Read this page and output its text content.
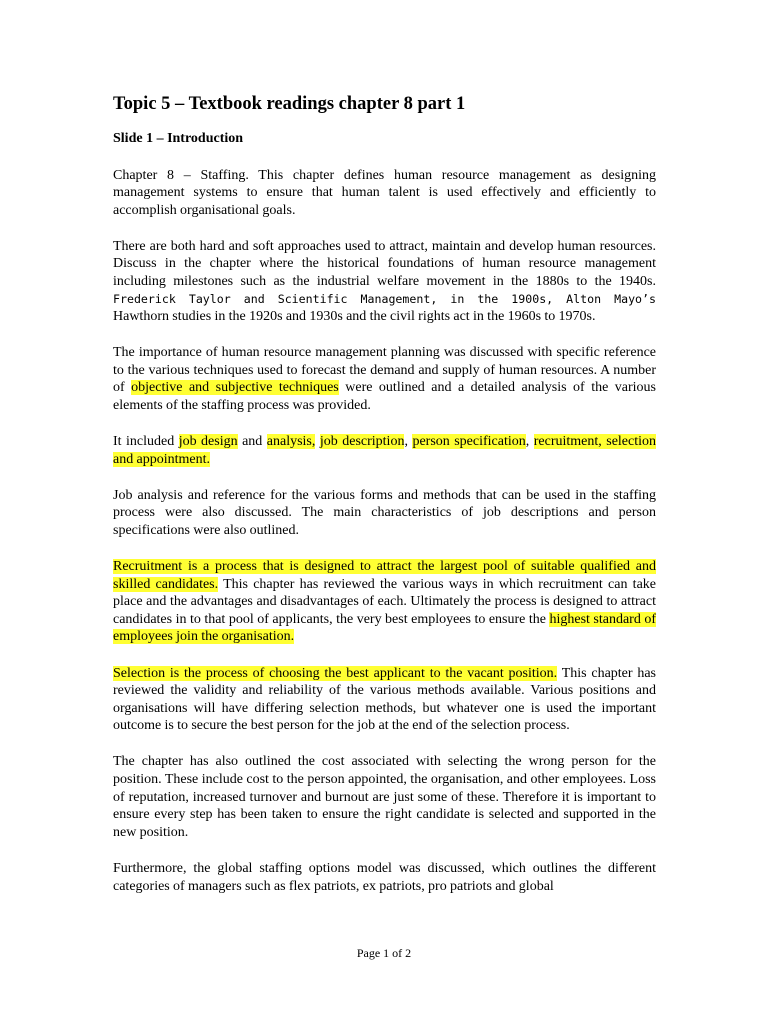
Topic 5 – Textbook readings chapter 8 part 1
Slide 1 – Introduction

Chapter 8 – Staffing. This chapter defines human resource management as designing management systems to ensure that human talent is used effectively and efficiently to accomplish organisational goals.

There are both hard and soft approaches used to attract, maintain and develop human resources. Discuss in the chapter where the historical foundations of human resource management including milestones such as the industrial welfare movement in the 1880s to the 1940s. Frederick Taylor and Scientific Management, in the 1900s, Alton Mayo’s Hawthorn studies in the 1920s and 1930s and the civil rights act in the 1960s to 1970s.

The importance of human resource management planning was discussed with specific reference to the various techniques used to forecast the demand and supply of human resources. A number of objective and subjective techniques were outlined and a detailed analysis of the various elements of the staffing process was provided.

It included job design and analysis, job description, person specification, recruitment, selection and appointment.

Job analysis and reference for the various forms and methods that can be used in the staffing process were also discussed. The main characteristics of job descriptions and person specifications were also outlined.

Recruitment is a process that is designed to attract the largest pool of suitable qualified and skilled candidates. This chapter has reviewed the various ways in which recruitment can take place and the advantages and disadvantages of each. Ultimately the process is designed to attract candidates in to that pool of applicants, the very best employees to ensure the highest standard of employees join the organisation.

Selection is the process of choosing the best applicant to the vacant position. This chapter has reviewed the validity and reliability of the various methods available. Various positions and organisations will have differing selection methods, but whatever one is used the important outcome is to secure the best person for the job at the end of the selection process.

The chapter has also outlined the cost associated with selecting the wrong person for the position. These include cost to the person appointed, the organisation, and other employees. Loss of reputation, increased turnover and burnout are just some of these. Therefore it is important to ensure every step has been taken to ensure the right candidate is selected and supported in the new position.

Furthermore, the global staffing options model was discussed, which outlines the different categories of managers such as flex patriots, ex patriots, pro patriots and global

Page 1 of 2
